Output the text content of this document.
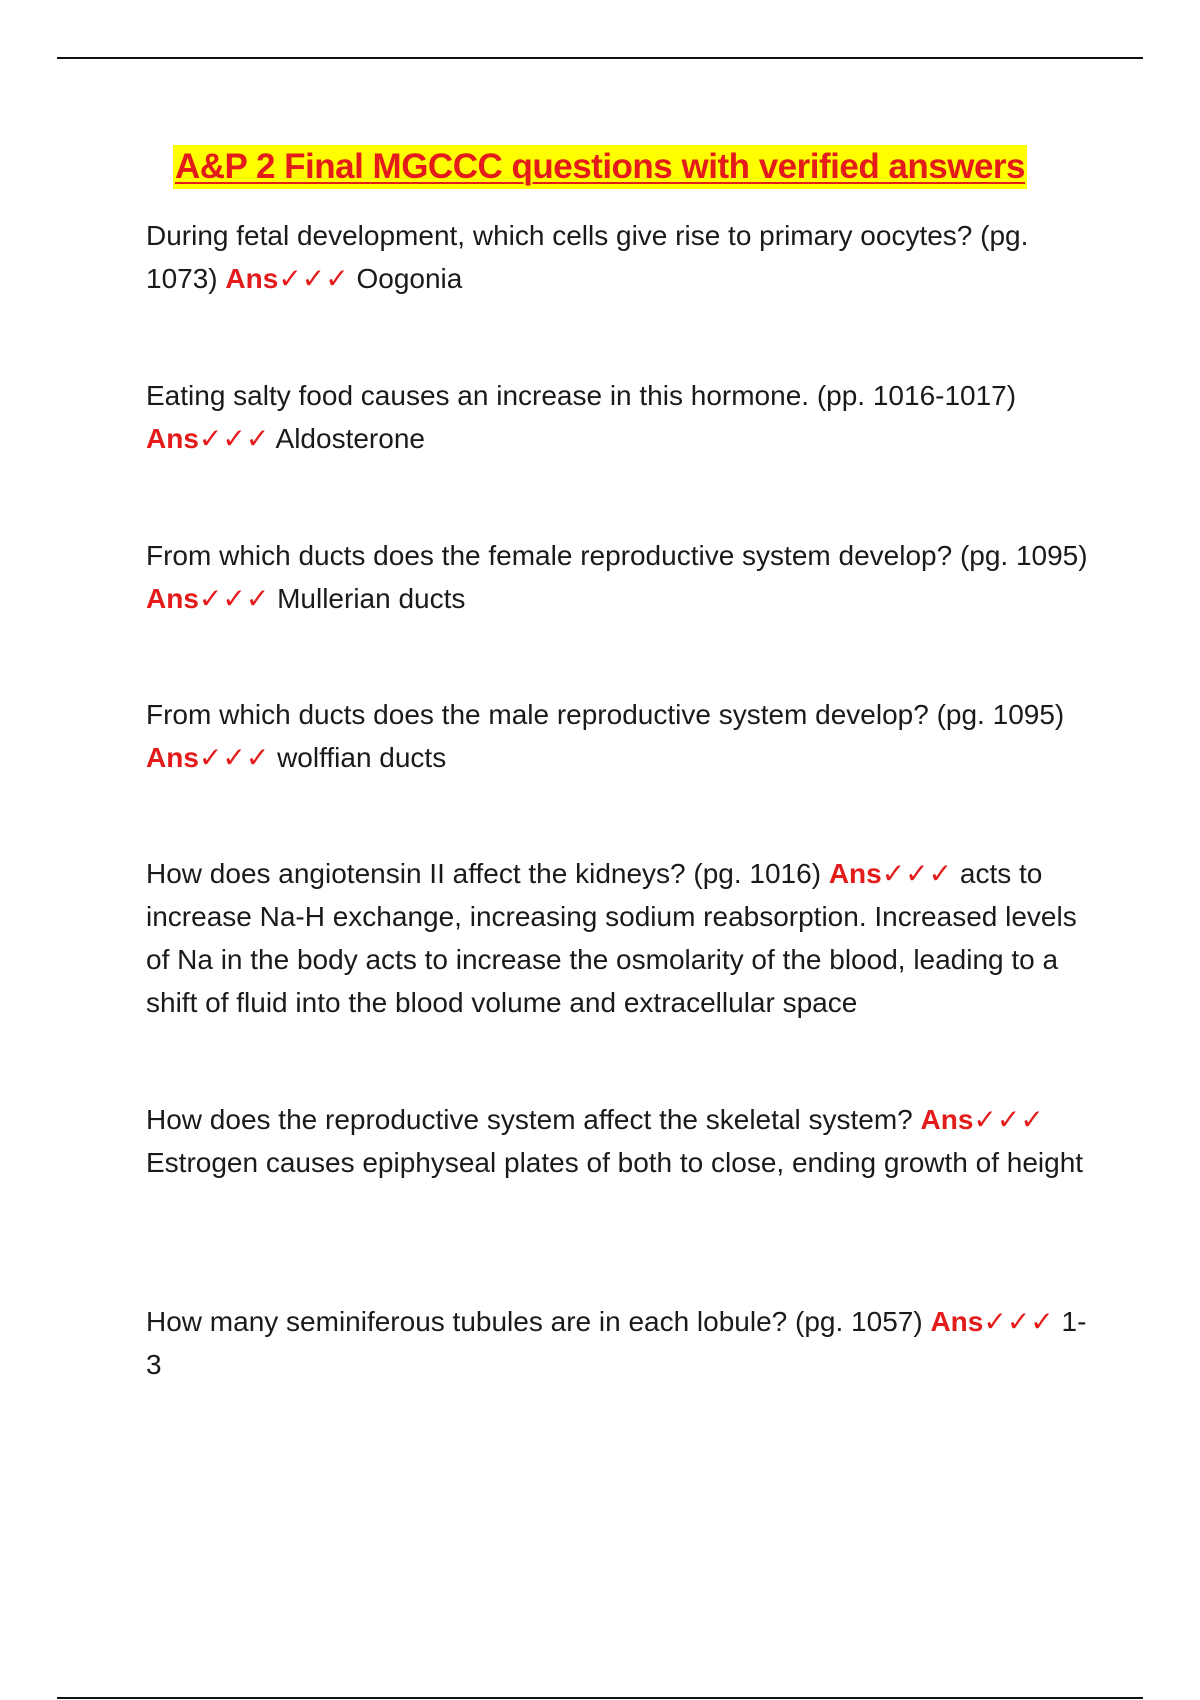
A&P 2 Final MGCCC questions with verified answers

During fetal development, which cells give rise to primary oocytes? (pg. 1073) Ans✓✓✓ Oogonia

Eating salty food causes an increase in this hormone. (pp. 1016-1017) Ans✓✓✓ Aldosterone

From which ducts does the female reproductive system develop? (pg. 1095) Ans✓✓✓ Mullerian ducts

From which ducts does the male reproductive system develop? (pg. 1095) Ans✓✓✓ wolffian ducts

How does angiotensin II affect the kidneys? (pg. 1016) Ans✓✓✓ acts to increase Na-H exchange, increasing sodium reabsorption. Increased levels of Na in the body acts to increase the osmolarity of the blood, leading to a shift of fluid into the blood volume and extracellular space

How does the reproductive system affect the skeletal system? Ans✓✓✓ Estrogen causes epiphyseal plates of both to close, ending growth of height

How many seminiferous tubules are in each lobule? (pg. 1057) Ans✓✓✓ 1-3
